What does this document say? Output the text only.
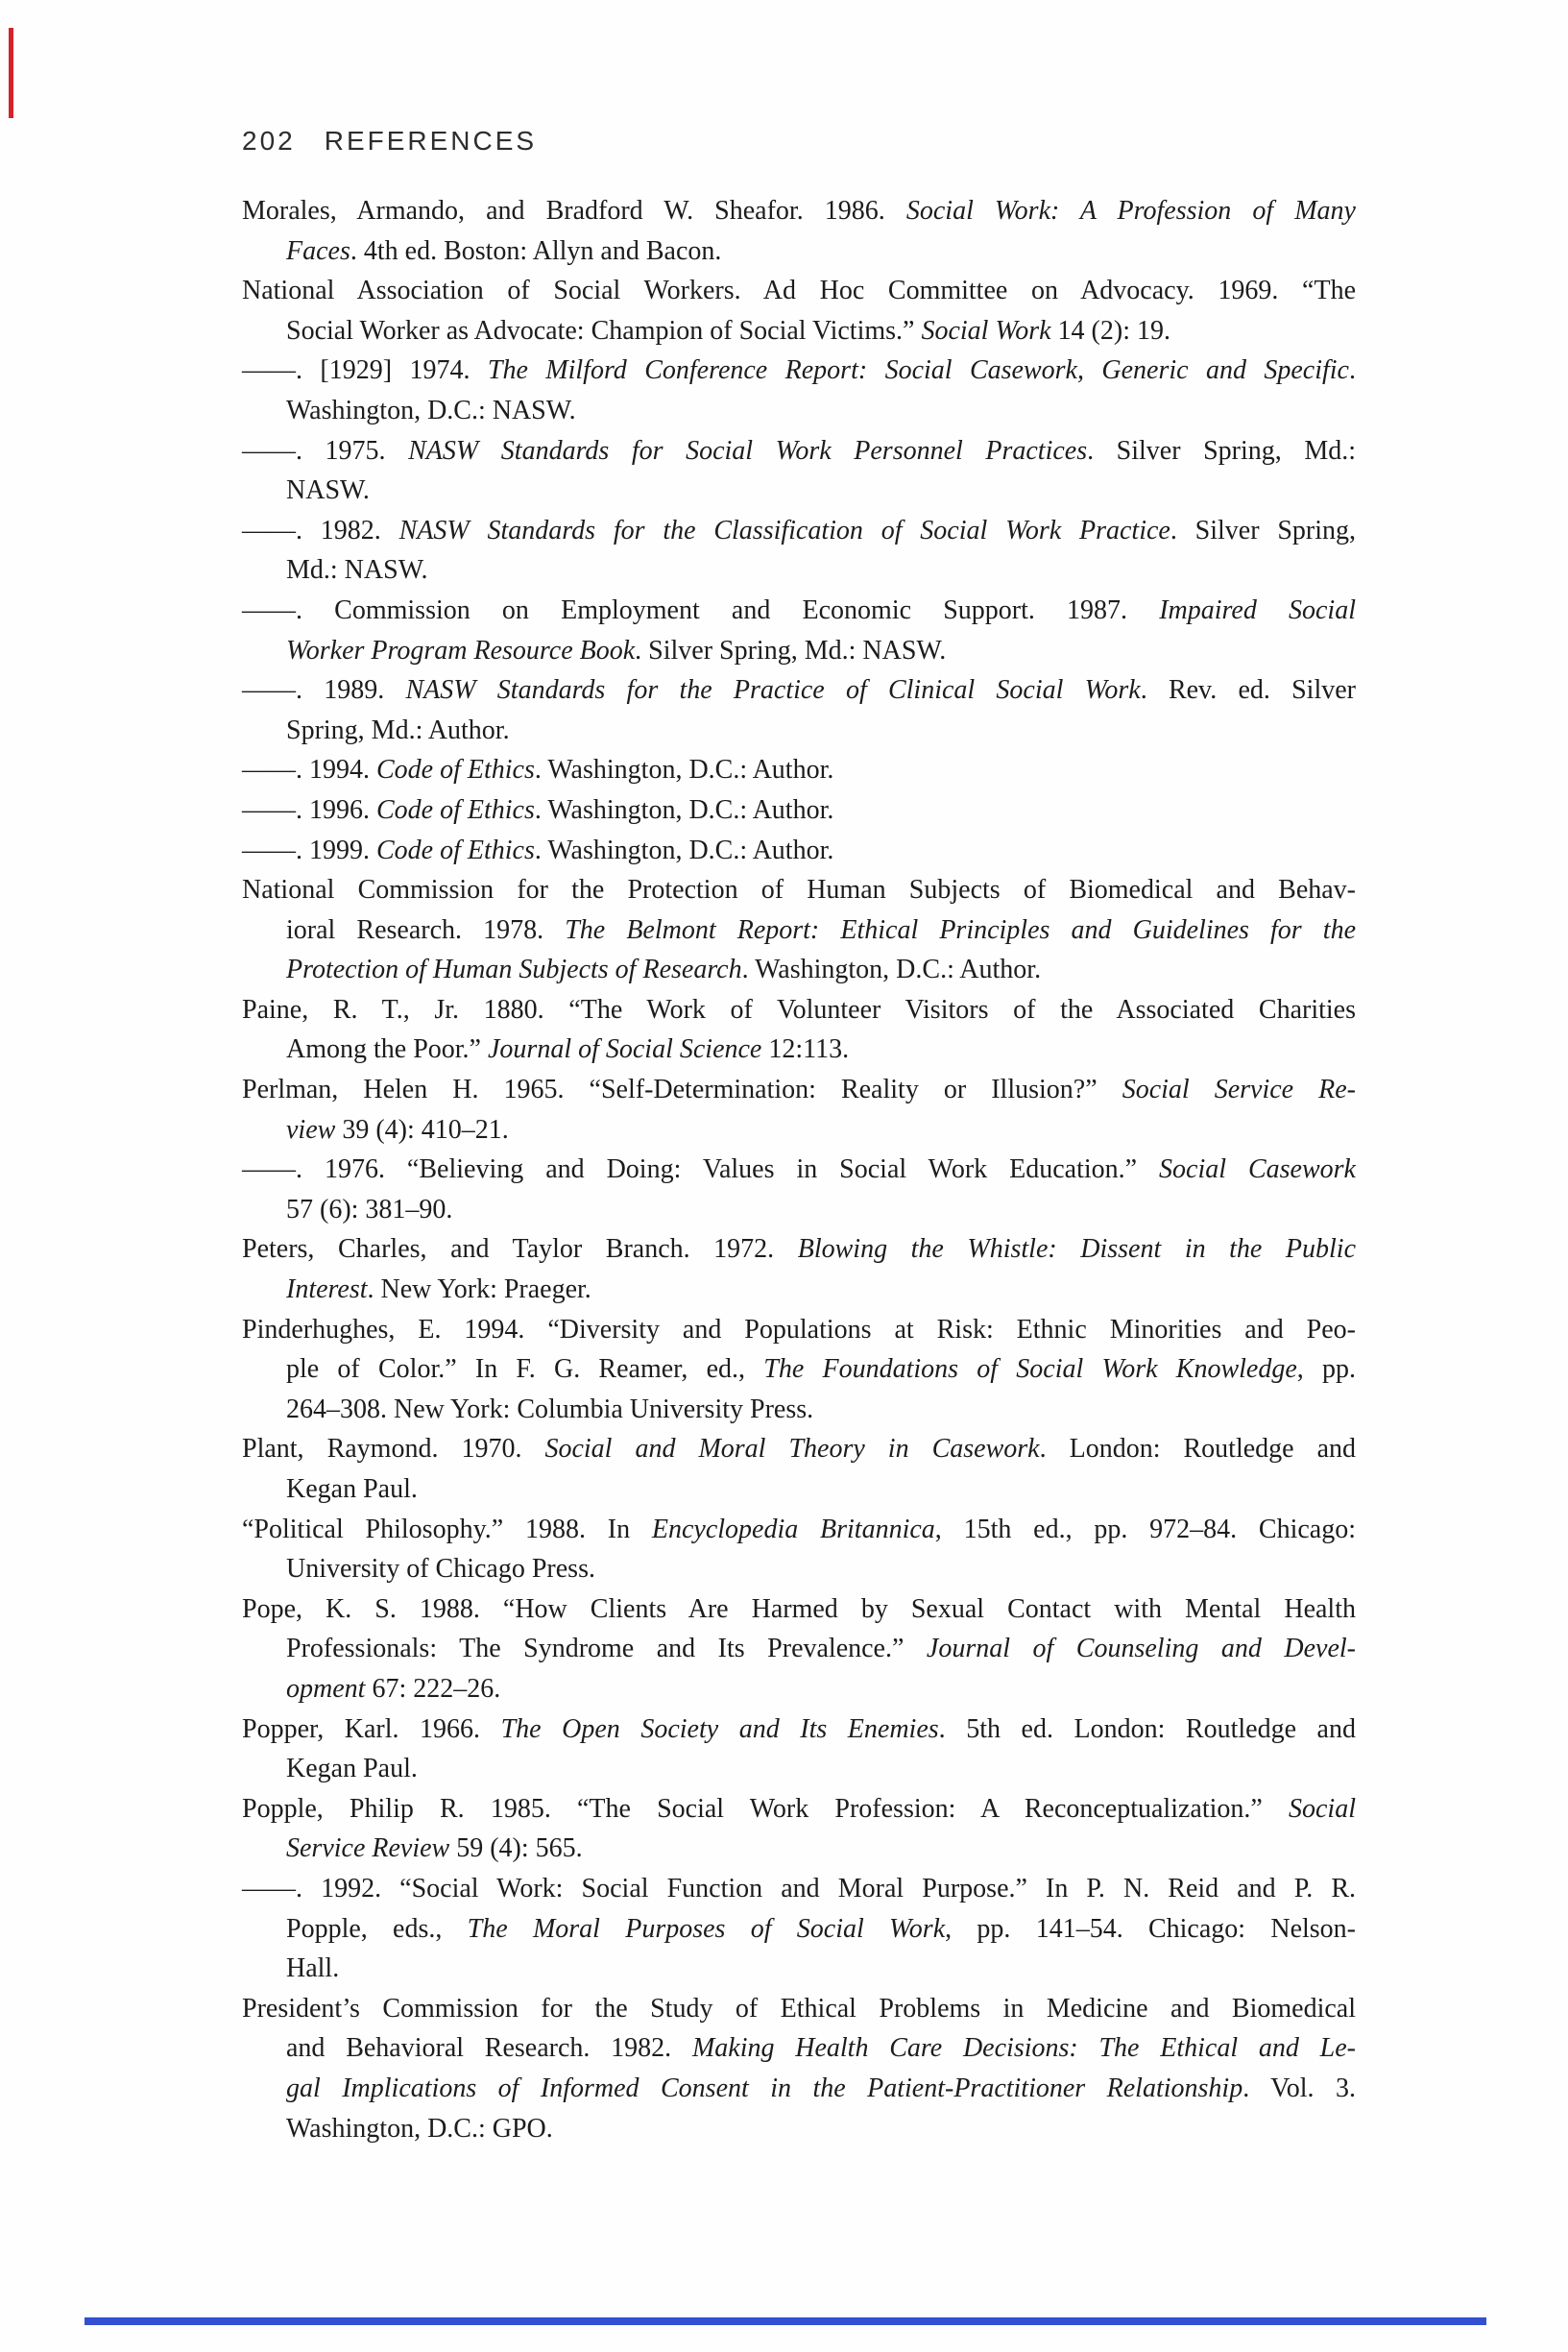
202 REFERENCES
Morales, Armando, and Bradford W. Sheafor. 1986. Social Work: A Profession of Many
Faces. 4th ed. Boston: Allyn and Bacon.
National Association of Social Workers. Ad Hoc Committee on Advocacy. 1969. “The
Social Worker as Advocate: Champion of Social Victims.” Social Work 14 (2): 19.
——. [1929] 1974. The Milford Conference Report: Social Casework, Generic and Specific.
Washington, D.C.: NASW.
——. 1975. NASW Standards for Social Work Personnel Practices. Silver Spring, Md.:
NASW.
——. 1982. NASW Standards for the Classification of Social Work Practice. Silver Spring,
Md.: NASW.
——. Commission on Employment and Economic Support. 1987. Impaired Social
Worker Program Resource Book. Silver Spring, Md.: NASW.
——. 1989. NASW Standards for the Practice of Clinical Social Work. Rev. ed. Silver
Spring, Md.: Author.
——. 1994. Code of Ethics. Washington, D.C.: Author.
——. 1996. Code of Ethics. Washington, D.C.: Author.
——. 1999. Code of Ethics. Washington, D.C.: Author.
National Commission for the Protection of Human Subjects of Biomedical and Behav-
ioral Research. 1978. The Belmont Report: Ethical Principles and Guidelines for the
Protection of Human Subjects of Research. Washington, D.C.: Author.
Paine, R. T., Jr. 1880. “The Work of Volunteer Visitors of the Associated Charities
Among the Poor.” Journal of Social Science 12:113.
Perlman, Helen H. 1965. “Self-Determination: Reality or Illusion?” Social Service Re-
view 39 (4): 410–21.
——. 1976. “Believing and Doing: Values in Social Work Education.” Social Casework
57 (6): 381–90.
Peters, Charles, and Taylor Branch. 1972. Blowing the Whistle: Dissent in the Public
Interest. New York: Praeger.
Pinderhughes, E. 1994. “Diversity and Populations at Risk: Ethnic Minorities and Peo-
ple of Color.” In F. G. Reamer, ed., The Foundations of Social Work Knowledge, pp.
264–308. New York: Columbia University Press.
Plant, Raymond. 1970. Social and Moral Theory in Casework. London: Routledge and
Kegan Paul.
“Political Philosophy.” 1988. In Encyclopedia Britannica, 15th ed., pp. 972–84. Chicago:
University of Chicago Press.
Pope, K. S. 1988. “How Clients Are Harmed by Sexual Contact with Mental Health
Professionals: The Syndrome and Its Prevalence.” Journal of Counseling and Devel-
opment 67: 222–26.
Popper, Karl. 1966. The Open Society and Its Enemies. 5th ed. London: Routledge and
Kegan Paul.
Popple, Philip R. 1985. “The Social Work Profession: A Reconceptualization.” Social
Service Review 59 (4): 565.
——. 1992. “Social Work: Social Function and Moral Purpose.” In P. N. Reid and P. R.
Popple, eds., The Moral Purposes of Social Work, pp. 141–54. Chicago: Nelson-
Hall.
President’s Commission for the Study of Ethical Problems in Medicine and Biomedical
and Behavioral Research. 1982. Making Health Care Decisions: The Ethical and Le-
gal Implications of Informed Consent in the Patient-Practitioner Relationship. Vol. 3.
Washington, D.C.: GPO.
